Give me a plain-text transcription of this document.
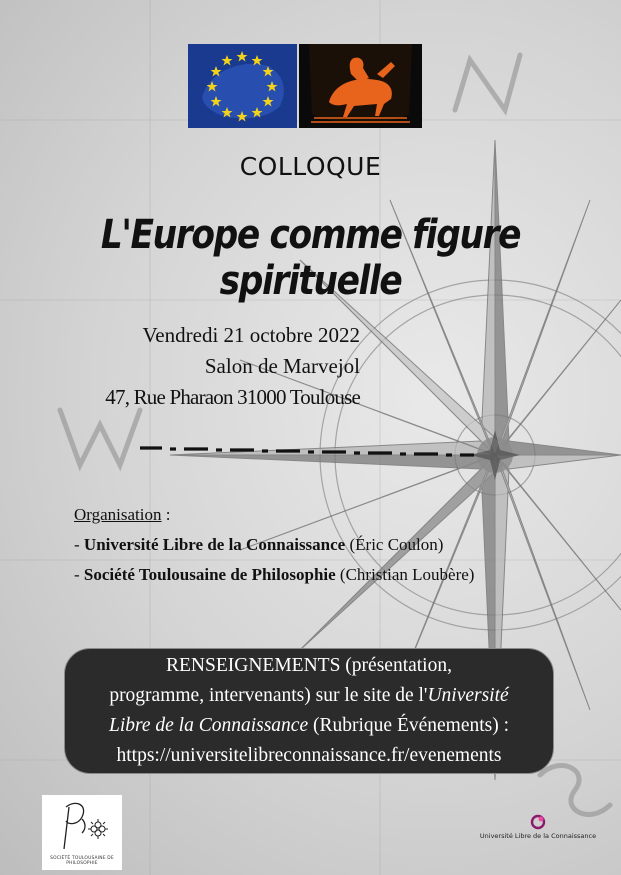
COLLOQUE
L'Europe comme figure spirituelle
Vendredi 21 octobre 2022
Salon de Marvejol
47, Rue Pharaon 31000 Toulouse
Organisation :
- Université Libre de la Connaissance (Éric Coulon)
- Société Toulousaine de Philosophie (Christian Loubère)
RENSEIGNEMENTS (présentation,
programme, intervenants) sur le site de l'Université
Libre de la Connaissance (Rubrique Événements) :
https://universitelibreconnaissance.fr/evenements
SOCIÉTÉ TOULOUSAINE DE PHILOSOPHIE
Université Libre de la Connaissance
